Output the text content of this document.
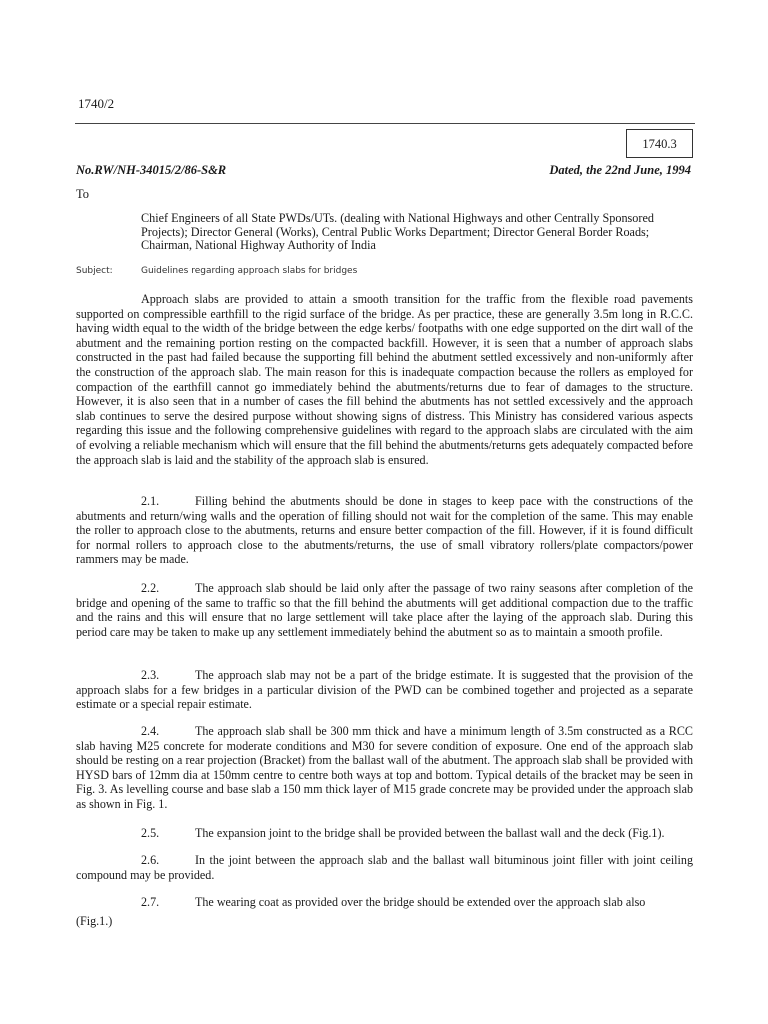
1740/2
1740.3
No.RW/NH-34015/2/86-S&R	Dated, the 22nd June, 1994
To
Chief Engineers of all State PWDs/UTs. (dealing with National Highways and other Centrally Sponsored Projects); Director General (Works), Central Public Works Department; Director General Border Roads; Chairman, National Highway Authority of India
Subject:	Guidelines regarding approach slabs for bridges
Approach slabs are provided to attain a smooth transition for the traffic from the flexible road pavements supported on compressible earthfill to the rigid surface of the bridge. As per practice, these are generally 3.5m long in R.C.C. having width equal to the width of the bridge between the edge kerbs/ footpaths with one edge supported on the dirt wall of the abutment and the remaining portion resting on the compacted backfill. However, it is seen that a number of approach slabs constructed in the past had failed because the supporting fill behind the abutment settled excessively and non-uniformly after the construction of the approach slab. The main reason for this is inadequate compaction because the rollers as employed for compaction of the earthfill cannot go immediately behind the abutments/returns due to fear of damages to the structure. However, it is also seen that in a number of cases the fill behind the abutments has not settled excessively and the approach slab continues to serve the desired purpose without showing signs of distress. This Ministry has considered various aspects regarding this issue and the following comprehensive guidelines with regard to the approach slabs are circulated with the aim of evolving a reliable mechanism which will ensure that the fill behind the abutments/returns gets adequately compacted before the approach slab is laid and the stability of the approach slab is ensured.
2.1.	Filling behind the abutments should be done in stages to keep pace with the constructions of the abutments and return/wing walls and the operation of filling should not wait for the completion of the same. This may enable the roller to approach close to the abutments, returns and ensure better compaction of the fill. However, if it is found difficult for normal rollers to approach close to the abutments/returns, the use of small vibratory rollers/plate compactors/power rammers may be made.
2.2.	The approach slab should be laid only after the passage of two rainy seasons after completion of the bridge and opening of the same to traffic so that the fill behind the abutments will get additional compaction due to the traffic and the rains and this will ensure that no large settlement will take place after the laying of the approach slab. During this period care may be taken to make up any settlement immediately behind the abutment so as to maintain a smooth profile.
2.3.	The approach slab may not be a part of the bridge estimate. It is suggested that the provision of the approach slabs for a few bridges in a particular division of the PWD can be combined together and projected as a separate estimate or a special repair estimate.
2.4.	The approach slab shall be 300 mm thick and have a minimum length of 3.5m constructed as a RCC slab having M25 concrete for moderate conditions and M30 for severe condition of exposure. One end of the approach slab should be resting on a rear projection (Bracket) from the ballast wall of the abutment. The approach slab shall be provided with HYSD bars of 12mm dia at 150mm centre to centre both ways at top and bottom. Typical details of the bracket may be seen in Fig. 3. As levelling course and base slab a 150 mm thick layer of M15 grade concrete may be provided under the approach slab as shown in Fig. 1.
2.5.	The expansion joint to the bridge shall be provided between the ballast wall and the deck (Fig.1).
2.6.	In the joint between the approach slab and the ballast wall bituminous joint filler with joint ceiling compound may be provided.
2.7.	The wearing coat as provided over the bridge should be extended over the approach slab also
(Fig.1.)
